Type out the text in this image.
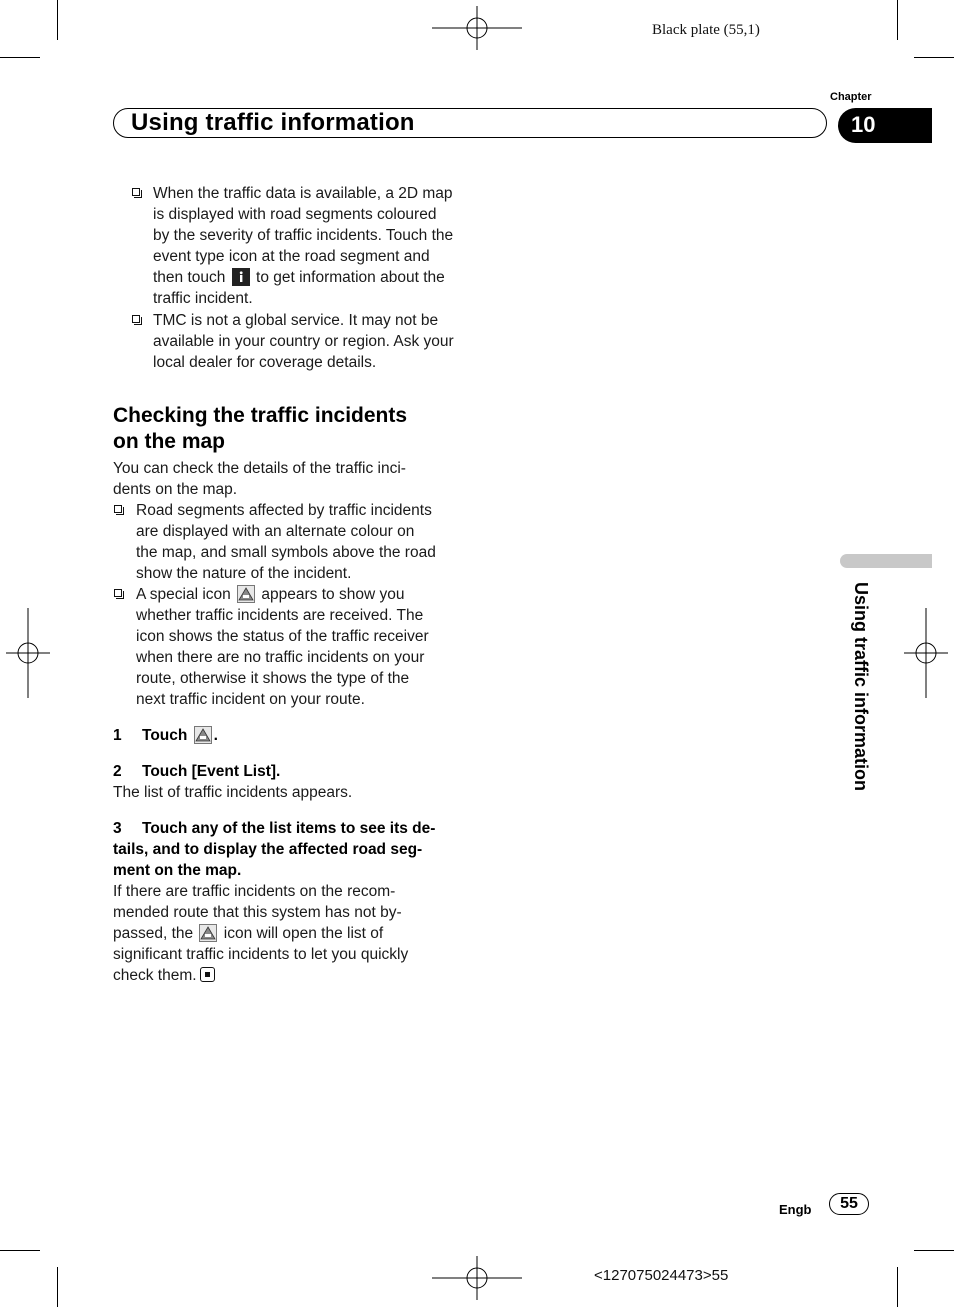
Black plate (55,1)
Using traffic information
Chapter
10
Using traffic information
When the traffic data is available, a 2D map
is displayed with road segments coloured
by the severity of traffic incidents. Touch the
event type icon at the road segment and
then touch to get information about the
traffic incident.
TMC is not a global service. It may not be
available in your country or region. Ask your
local dealer for coverage details.
Checking the traffic incidents
on the map
You can check the details of the traffic inci-
dents on the map.
Road segments affected by traffic incidents
are displayed with an alternate colour on
the map, and small symbols above the road
show the nature of the incident.
A special icon appears to show you
whether traffic incidents are received. The
icon shows the status of the traffic receiver
when there are no traffic incidents on your
route, otherwise it shows the type of the
next traffic incident on your route.
1 Touch .
2 Touch [Event List].
The list of traffic incidents appears.
3 Touch any of the list items to see its de-
tails, and to display the affected road seg-
ment on the map.
If there are traffic incidents on the recom-
mended route that this system has not by-
passed, the icon will open the list of
significant traffic incidents to let you quickly
check them.
Engb	55
<127075024473>55
